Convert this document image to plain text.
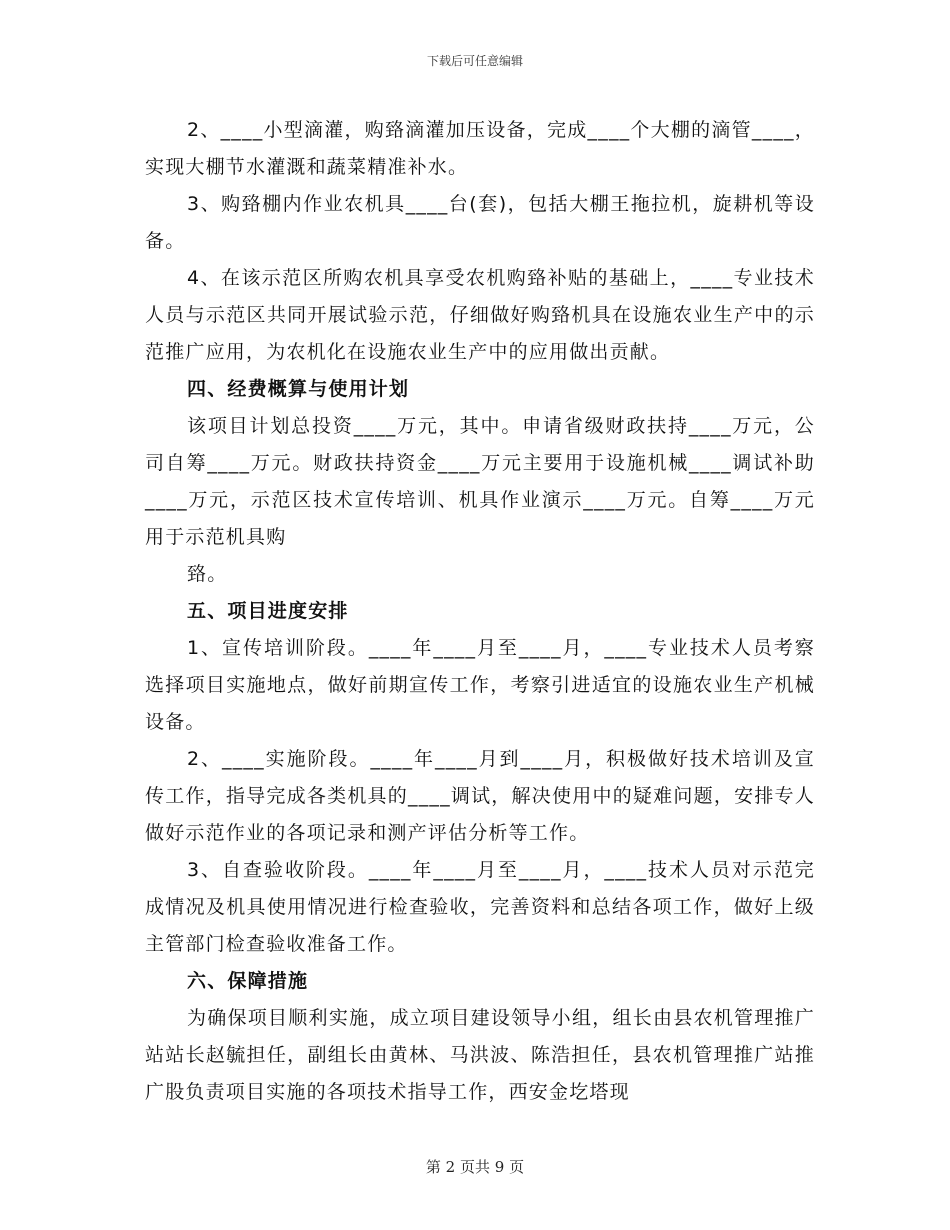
下载后可任意编辑

2、____小型滴灌，购臵滴灌加压设备，完成____个大棚的滴管____，实现大棚节水灌溉和蔬菜精准补水。

3、购臵棚内作业农机具____台(套)，包括大棚王拖拉机，旋耕机等设备。

4、在该示范区所购农机具享受农机购臵补贴的基础上，____专业技术人员与示范区共同开展试验示范，仔细做好购臵机具在设施农业生产中的示范推广应用，为农机化在设施农业生产中的应用做出贡献。

四、经费概算与使用计划

该项目计划总投资____万元，其中。申请省级财政扶持____万元，公司自筹____万元。财政扶持资金____万元主要用于设施机械____调试补助____万元，示范区技术宣传培训、机具作业演示____万元。自筹____万元用于示范机具购

臵。

五、项目进度安排

1、宣传培训阶段。____年____月至____月，____专业技术人员考察选择项目实施地点，做好前期宣传工作，考察引进适宜的设施农业生产机械设备。

2、____实施阶段。____年____月到____月，积极做好技术培训及宣传工作，指导完成各类机具的____调试，解决使用中的疑难问题，安排专人做好示范作业的各项记录和测产评估分析等工作。

3、自查验收阶段。____年____月至____月，____技术人员对示范完成情况及机具使用情况进行检查验收，完善资料和总结各项工作，做好上级主管部门检查验收准备工作。

六、保障措施

为确保项目顺利实施，成立项目建设领导小组，组长由县农机管理推广站站长赵毓担任，副组长由黄林、马洪波、陈浩担任，县农机管理推广站推广股负责项目实施的各项技术指导工作，西安金圪塔现

第 2 页共 9 页
